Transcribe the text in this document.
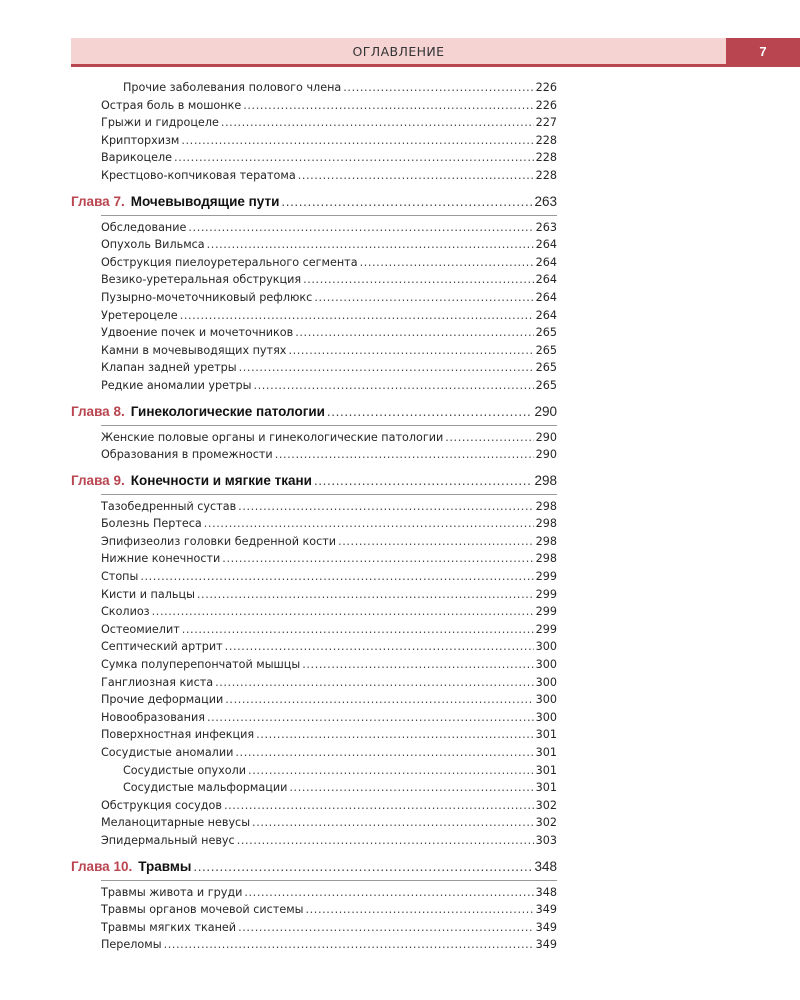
ОГЛАВЛЕНИЕ	7
Прочие заболевания полового члена .....	226
Острая боль в мошонке .....	226
Грыжи и гидроцеле .....	227
Крипторхизм .....	228
Варикоцеле .....	228
Крестцово-копчиковая тератома .....	228
Глава 7. Мочевыводящие пути .....	263
Обследование .....	263
Опухоль Вильмса .....	264
Обструкция пиелоуретерального сегмента .....	264
Везико-уретеральная обструкция .....	264
Пузырно-мочеточниковый рефлюкс .....	264
Уретероцеле .....	264
Удвоение почек и мочеточников .....	265
Камни в мочевыводящих путях .....	265
Клапан задней уретры .....	265
Редкие аномалии уретры .....	265
Глава 8. Гинекологические патологии .....	290
Женские половые органы и гинекологические патологии .....	290
Образования в промежности .....	290
Глава 9. Конечности и мягкие ткани .....	298
Тазобедренный сустав .....	298
Болезнь Пертеса .....	298
Эпифизеолиз головки бедренной кости .....	298
Нижние конечности .....	298
Стопы .....	299
Кисти и пальцы .....	299
Сколиоз .....	299
Остеомиелит .....	299
Септический артрит .....	300
Сумка полуперепончатой мышцы .....	300
Ганглиозная киста .....	300
Прочие деформации .....	300
Новообразования .....	300
Поверхностная инфекция .....	301
Сосудистые аномалии .....	301
Сосудистые опухоли .....	301
Сосудистые мальформации .....	301
Обструкция сосудов .....	302
Меланоцитарные невусы .....	302
Эпидермальный невус .....	303
Глава 10. Травмы .....	348
Травмы живота и груди .....	348
Травмы органов мочевой системы .....	349
Травмы мягких тканей .....	349
Переломы .....	349
